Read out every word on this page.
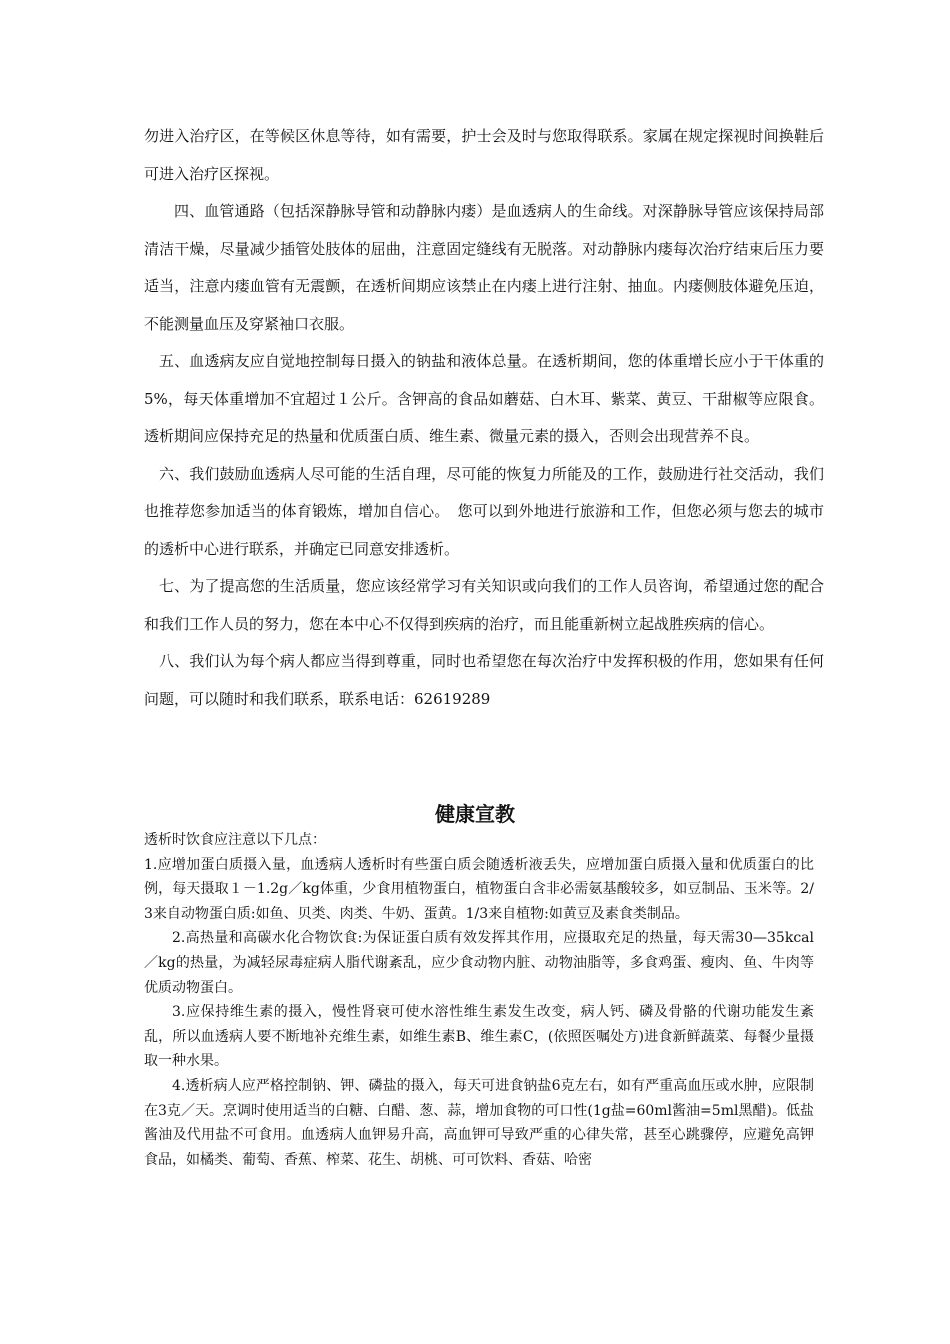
勿进入治疗区，在等候区休息等待，如有需要，护士会及时与您取得联系。家属在规定探视时间换鞋后可进入治疗区探视。

四、血管通路（包括深静脉导管和动静脉内瘘）是血透病人的生命线。对深静脉导管应该保持局部清洁干燥，尽量减少插管处肢体的屈曲，注意固定缝线有无脱落。对动静脉内瘘每次治疗结束后压力要适当，注意内瘘血管有无震颤，在透析间期应该禁止在内瘘上进行注射、抽血。内瘘侧肢体避免压迫，不能测量血压及穿紧袖口衣服。

五、血透病友应自觉地控制每日摄入的钠盐和液体总量。在透析期间，您的体重增长应小于干体重的5%，每天体重增加不宜超过１公斤。含钾高的食品如蘑菇、白木耳、紫菜、黄豆、干甜椒等应限食。透析期间应保持充足的热量和优质蛋白质、维生素、微量元素的摄入，否则会出现营养不良。

六、我们鼓励血透病人尽可能的生活自理，尽可能的恢复力所能及的工作，鼓励进行社交活动，我们也推荐您参加适当的体育锻炼，增加自信心。　您可以到外地进行旅游和工作，但您必须与您去的城市的透析中心进行联系，并确定已同意安排透析。

七、为了提高您的生活质量，您应该经常学习有关知识或向我们的工作人员咨询，希望通过您的配合和我们工作人员的努力，您在本中心不仅得到疾病的治疗，而且能重新树立起战胜疾病的信心。

八、我们认为每个病人都应当得到尊重，同时也希望您在每次治疗中发挥积极的作用，您如果有任何问题，可以随时和我们联系，联系电话：62619289

健康宣教

透析时饮食应注意以下几点：

1.应增加蛋白质摄入量，血透病人透析时有些蛋白质会随透析液丢失，应增加蛋白质摄入量和优质蛋白的比例，每天摄取１－1.2g／kg体重，少食用植物蛋白，植物蛋白含非必需氨基酸较多，如豆制品、玉米等。2/3来自动物蛋白质:如鱼、贝类、肉类、牛奶、蛋黄。1/3来自植物:如黄豆及素食类制品。

2.高热量和高碳水化合物饮食:为保证蛋白质有效发挥其作用，应摄取充足的热量，每天需30—35kcal／kg的热量，为减轻尿毒症病人脂代谢紊乱，应少食动物内脏、动物油脂等，多食鸡蛋、瘦肉、鱼、牛肉等优质动物蛋白。

3.应保持维生素的摄入，慢性肾衰可使水溶性维生素发生改变，病人钙、磷及骨骼的代谢功能发生紊乱，所以血透病人要不断地补充维生素，如维生素B、维生素C，(依照医嘱处方)进食新鲜蔬菜、每餐少量摄取一种水果。

4.透析病人应严格控制钠、钾、磷盐的摄入，每天可进食钠盐6克左右，如有严重高血压或水肿，应限制在3克／天。烹调时使用适当的白糖、白醋、葱、蒜，增加食物的可口性(1g盐=60ml酱油=5ml黑醋)。低盐酱油及代用盐不可食用。血透病人血钾易升高，高血钾可导致严重的心律失常，甚至心跳骤停，应避免高钾食品，如橘类、葡萄、香蕉、榨菜、花生、胡桃、可可饮料、香菇、哈密
